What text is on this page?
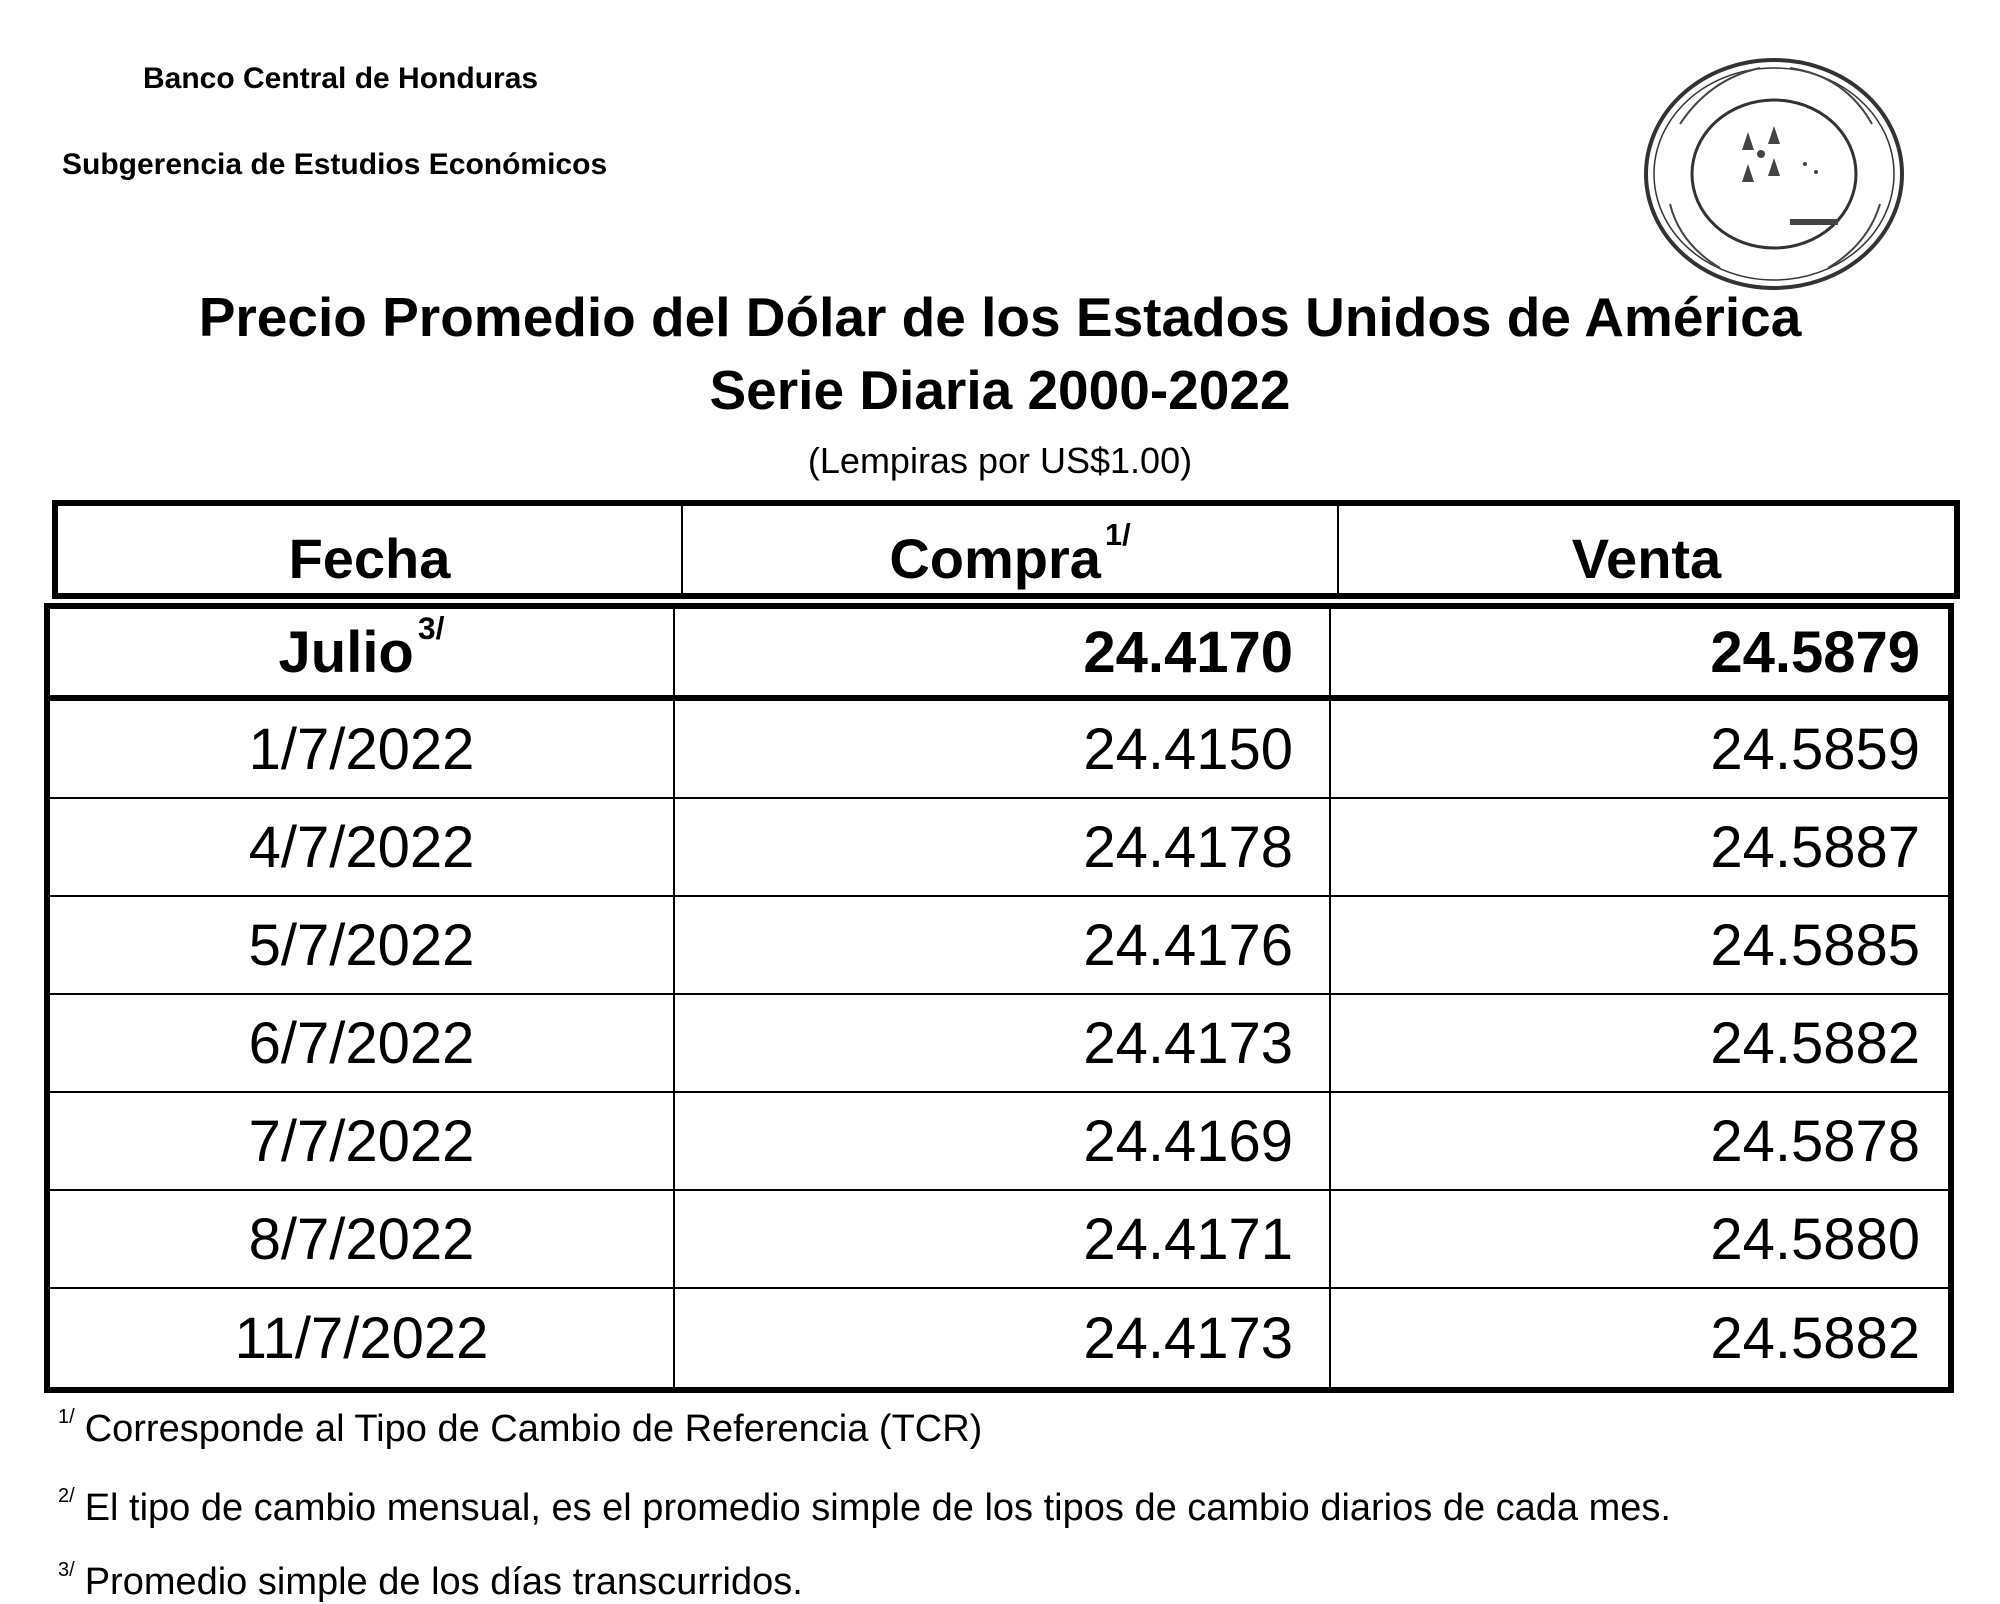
Banco Central de Honduras
Subgerencia de Estudios Económicos
Precio Promedio del Dólar de los Estados Unidos de América
Serie Diaria 2000-2022
(Lempiras por US$1.00)
Fecha	Compra 1/	Venta
Julio 3/	24.4170	24.5879
1/7/2022	24.4150	24.5859
4/7/2022	24.4178	24.5887
5/7/2022	24.4176	24.5885
6/7/2022	24.4173	24.5882
7/7/2022	24.4169	24.5878
8/7/2022	24.4171	24.5880
11/7/2022	24.4173	24.5882
$^{1/}$ Corresponde al Tipo de Cambio de Referencia (TCR)
$^{2/}$ El tipo de cambio mensual, es el promedio simple de los tipos de cambio diarios de cada mes.
$^{3/}$ Promedio simple de los días transcurridos.
